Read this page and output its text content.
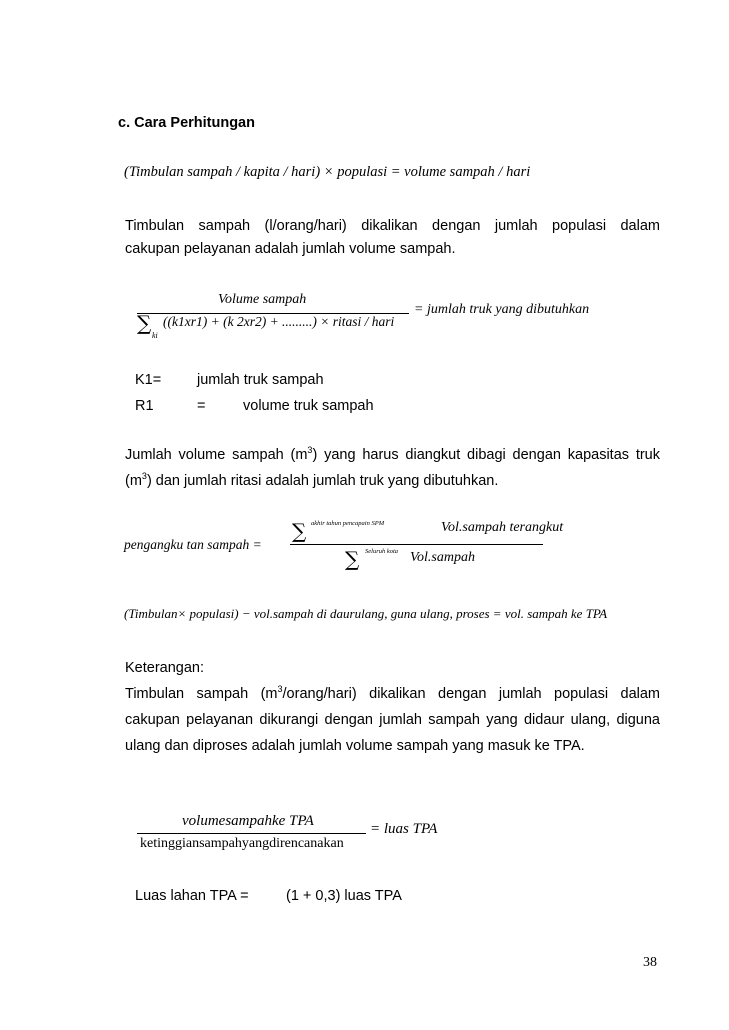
c. Cara Perhitungan
(Timbulan sampah / kapita / hari) × populasi = volume sampah / hari
Timbulan sampah (l/orang/hari) dikalikan dengan jumlah populasi dalam
cakupan pelayanan adalah jumlah volume sampah.
Volume sampah
∑
ki
((k1xr1) + (k 2xr2) + .........) × ritasi / hari
= jumlah truk yang dibutuhkan
K1= jumlah truk sampah
R1	=	volume truk sampah
Jumlah volume sampah $(m^3)$ yang harus diangkut dibagi dengan kapasitas truk
$(m^3)$ dan jumlah ritasi adalah jumlah truk yang dibutuhkan.
pengangku tan sampah =
∑ akhir tahun pencapain SPM	Vol.sampah terangkut
∑ Seluruh kota Vol.sampah
(Timbulan× populasi) − vol.sampah di daurulang, guna ulang, proses = vol. sampah ke TPA
Keterangan:
Timbulan sampah $(m^3/orang/hari)$ dikalikan dengan jumlah populasi dalam
cakupan pelayanan dikurangi dengan jumlah sampah yang didaur ulang, diguna
ulang dan diproses adalah jumlah volume sampah yang masuk ke TPA.
volumesampahke TPA
ketinggiansampahyangdirencanakan
= luas TPA
Luas lahan TPA =	(1 + 0,3) luas TPA
38
